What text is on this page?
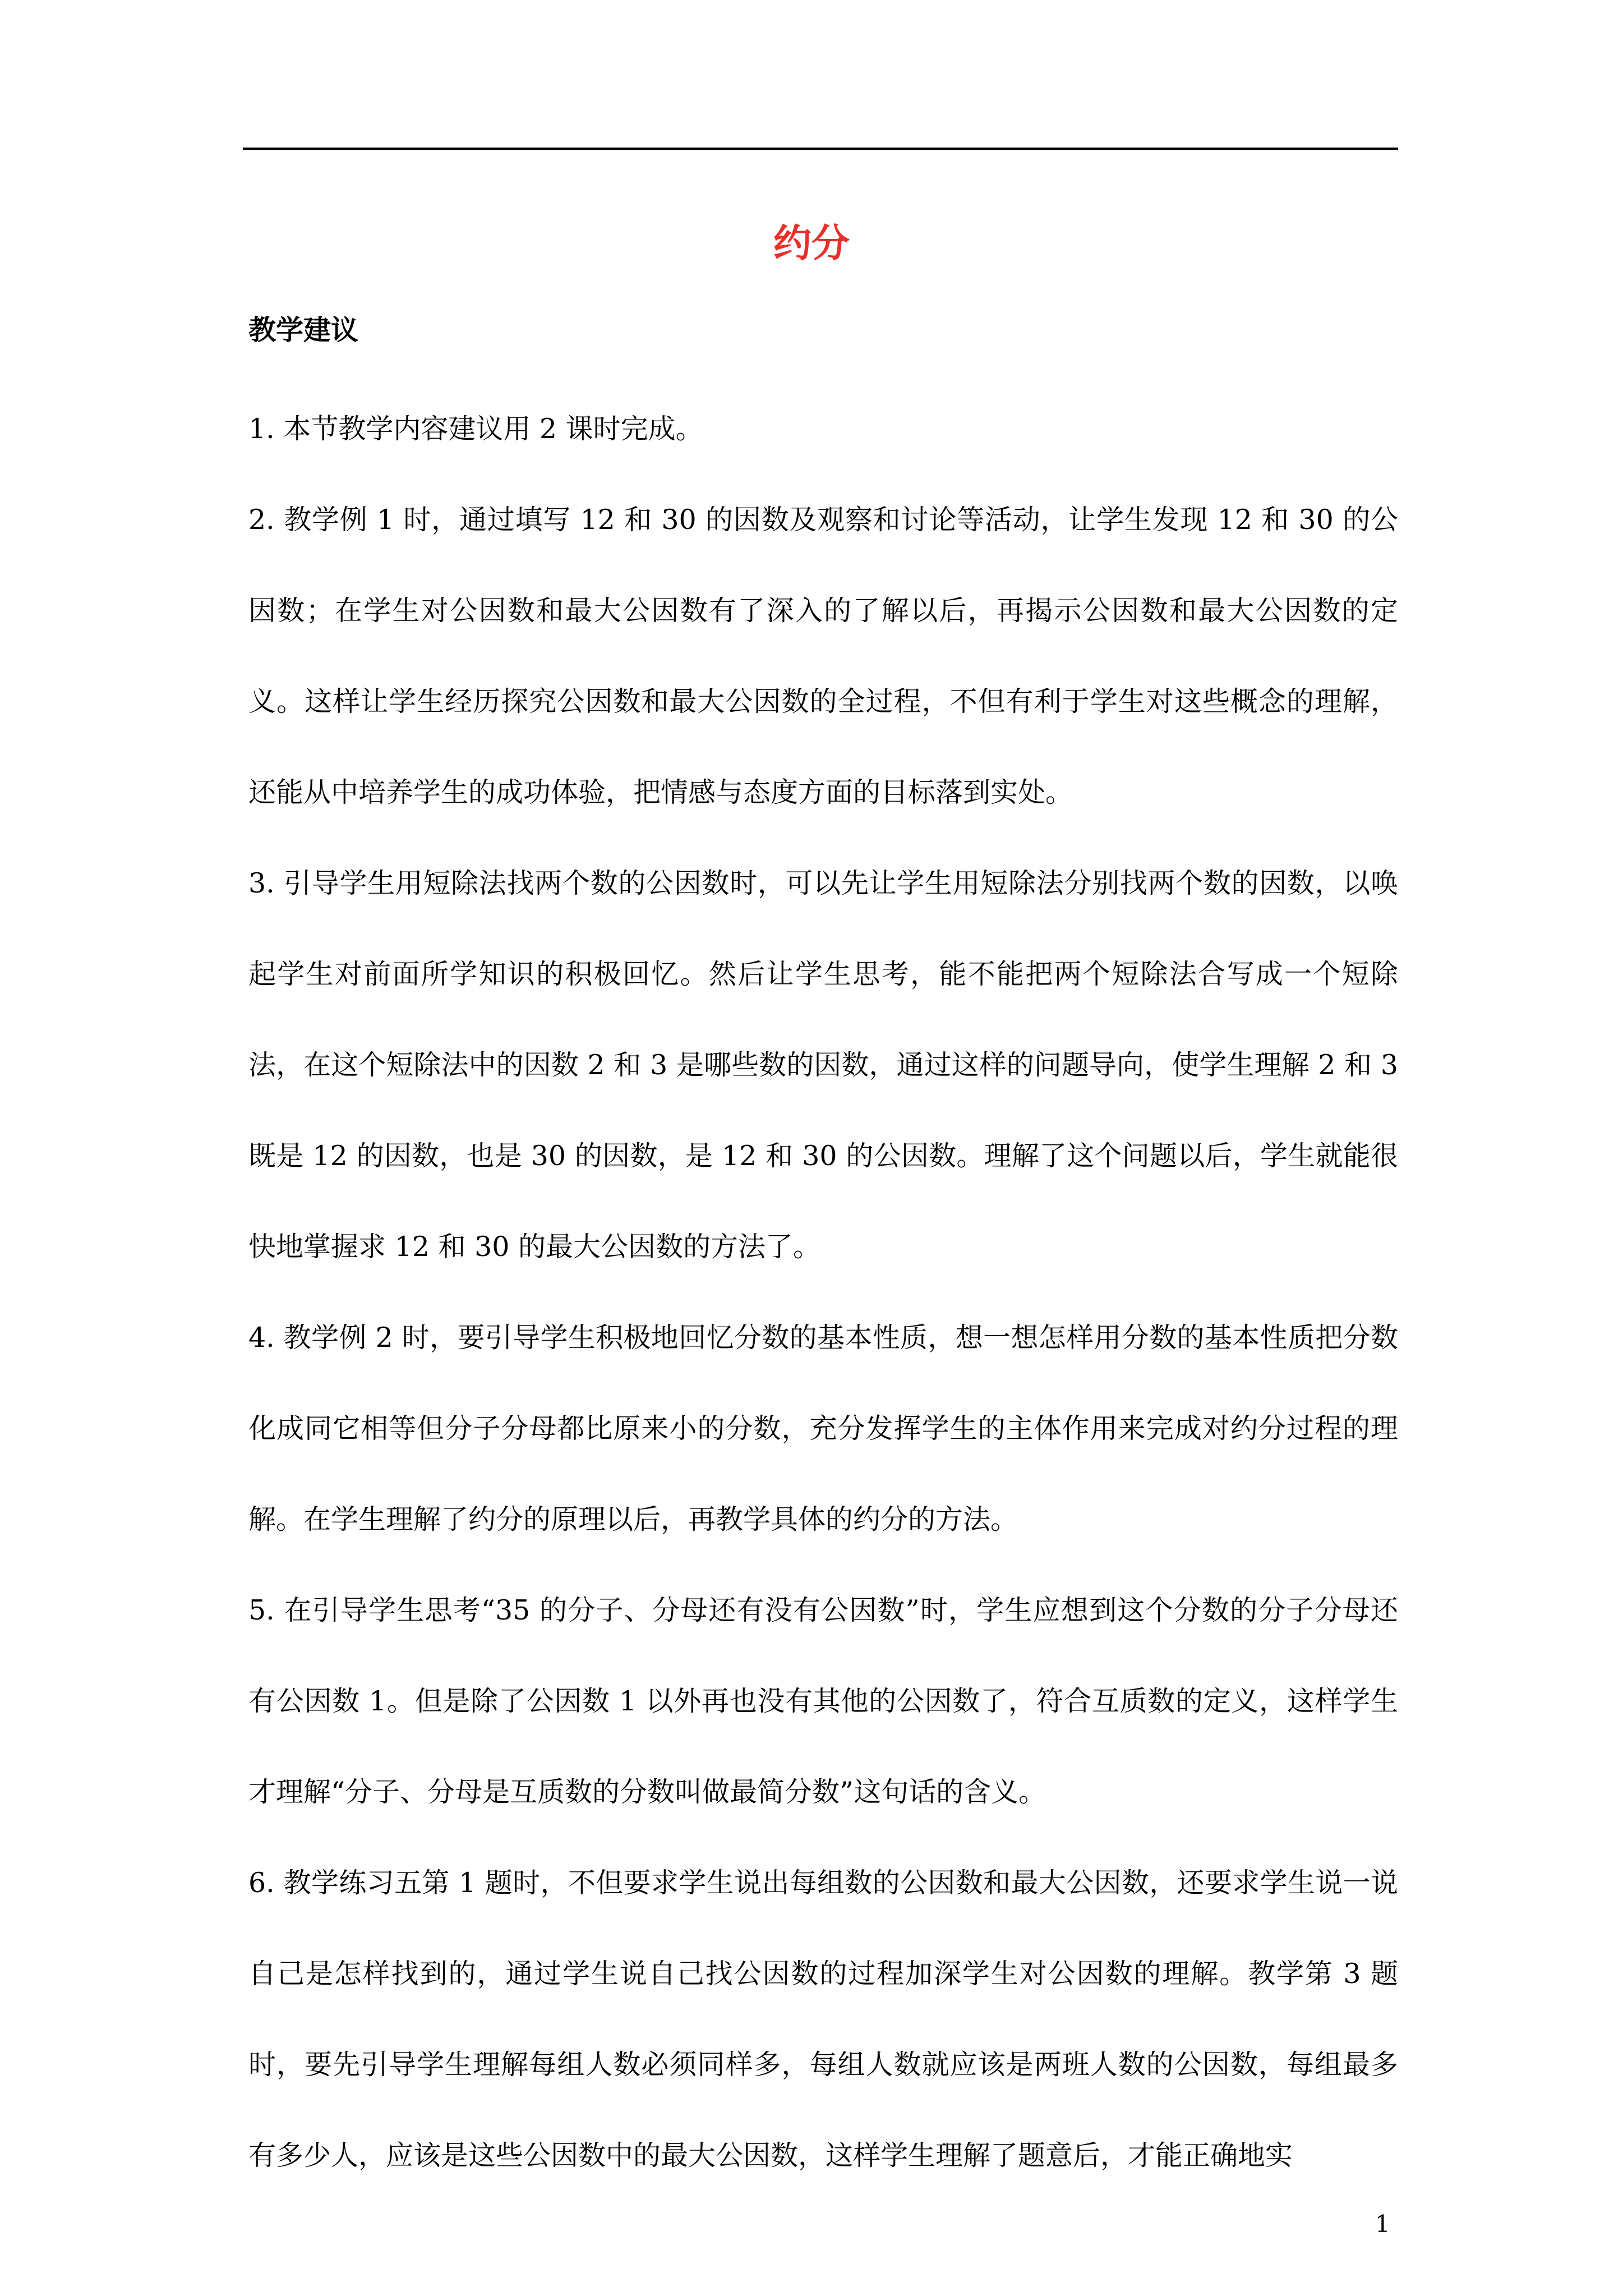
约分
教学建议

1. 本节教学内容建议用 2 课时完成。

2. 教学例 1 时，通过填写 12 和 30 的因数及观察和讨论等活动，让学生发现 12 和 30 的公因数；在学生对公因数和最大公因数有了深入的了解以后，再揭示公因数和最大公因数的定义。这样让学生经历探究公因数和最大公因数的全过程，不但有利于学生对这些概念的理解，还能从中培养学生的成功体验，把情感与态度方面的目标落到实处。

3. 引导学生用短除法找两个数的公因数时，可以先让学生用短除法分别找两个数的因数，以唤起学生对前面所学知识的积极回忆。然后让学生思考，能不能把两个短除法合写成一个短除法，在这个短除法中的因数 2 和 3 是哪些数的因数，通过这样的问题导向，使学生理解 2 和 3 既是 12 的因数，也是 30 的因数，是 12 和 30 的公因数。理解了这个问题以后，学生就能很快地掌握求 12 和 30 的最大公因数的方法了。

4. 教学例 2 时，要引导学生积极地回忆分数的基本性质，想一想怎样用分数的基本性质把分数化成同它相等但分子分母都比原来小的分数，充分发挥学生的主体作用来完成对约分过程的理解。在学生理解了约分的原理以后，再教学具体的约分的方法。

5. 在引导学生思考“35 的分子、分母还有没有公因数”时，学生应想到这个分数的分子分母还有公因数 1。但是除了公因数 1 以外再也没有其他的公因数了，符合互质数的定义，这样学生才理解“分子、分母是互质数的分数叫做最简分数”这句话的含义。

6. 教学练习五第 1 题时，不但要求学生说出每组数的公因数和最大公因数，还要求学生说一说自己是怎样找到的，通过学生说自己找公因数的过程加深学生对公因数的理解。教学第 3 题时，要先引导学生理解每组人数必须同样多，每组人数就应该是两班人数的公因数，每组最多有多少人，应该是这些公因数中的最大公因数，这样学生理解了题意后，才能正确地实

1
